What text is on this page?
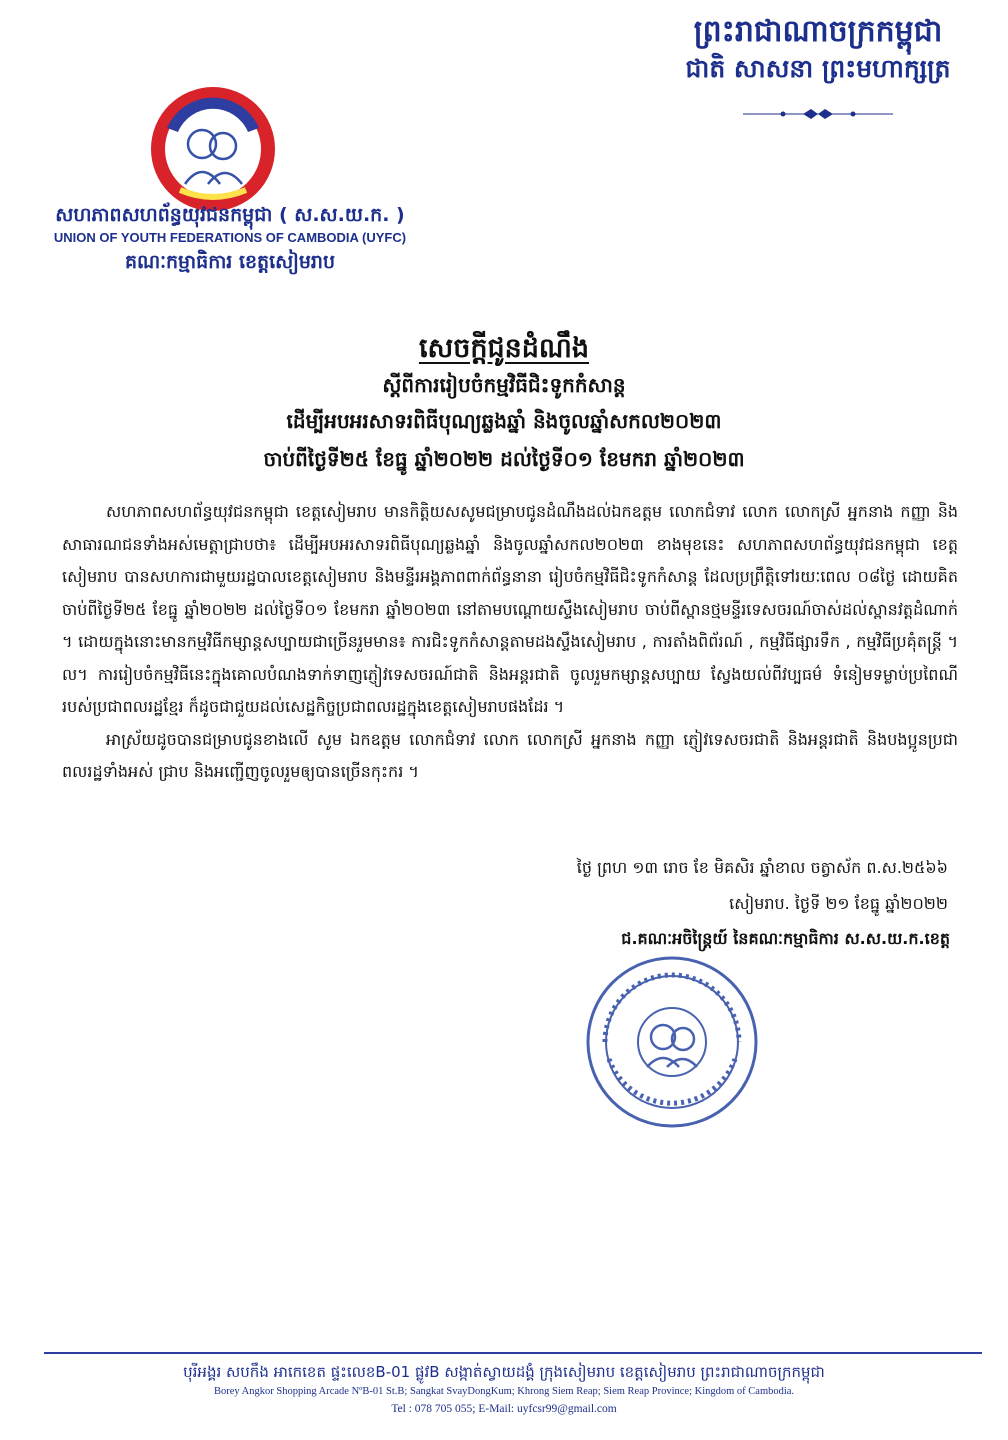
ព្រះរាជាណាចក្រកម្ពុជា
ជាតិ សាសនា ព្រះមហាក្សត្រ
សហភាពសហព័ន្ធយុវជនកម្ពុជា ( ស.ស.យ.ក. )
UNION OF YOUTH FEDERATIONS OF CAMBODIA (UYFC)
គណៈកម្មាធិការ ខេត្តសៀមរាប
សេចក្តីជូនដំណឹង
ស្តីពីការរៀបចំកម្មវិធីជិះទូកកំសាន្ត
ដើម្បីអបអរសាទរពិធីបុណ្យឆ្លងឆ្នាំ និងចូលឆ្នាំសកល២០២៣
ចាប់ពីថ្ងៃទី២៥ ខែធ្នូ ឆ្នាំ២០២២ ដល់ថ្ងៃទី០១ ខែមករា ឆ្នាំ២០២៣

សហភាពសហព័ន្ធយុវជនកម្ពុជា ខេត្តសៀមរាប មានកិត្តិយសសូមជម្រាបជូនដំណឹងដល់ឯកឧត្តម លោកជំទាវ លោក លោកស្រី អ្នកនាង កញ្ញា និងសាធារណជនទាំងអស់មេត្តាជ្រាបថា៖ ដើម្បីអបអរសាទរពិធីបុណ្យឆ្លងឆ្នាំ និងចូលឆ្នាំសកល២០២៣ ខាងមុខនេះ សហភាពសហព័ន្ធយុវជនកម្ពុជា ខេត្តសៀមរាប បានសហការជាមួយរដ្ឋបាលខេត្តសៀមរាប និងមន្ទីរអង្គភាពពាក់ព័ន្ធនានា រៀបចំកម្មវិធីជិះទូកកំសាន្ត ដែលប្រព្រឹត្តិទៅរយៈពេល ០៨ថ្ងៃ ដោយគិតចាប់ពីថ្ងៃទី២៥ ខែធ្នូ ឆ្នាំ២០២២ ដល់ថ្ងៃទី០១ ខែមករា ឆ្នាំ២០២៣ នៅតាមបណ្តោយស្ទឹងសៀមរាប ចាប់ពីស្ពានថ្មមន្ទីរទេសចរណ៍ចាស់ដល់ស្ពានវត្តដំណាក់ ។ ដោយក្នុងនោះមានកម្មវិធីកម្សាន្តសប្បាយជាច្រើនរួមមាន៖ ការជិះទូកកំសាន្តតាមដងស្ទឹងសៀមរាប , ការតាំងពិព័រណ៍ , កម្មវិធីផ្សារទឹក , កម្មវិធីប្រគុំតន្ត្រី ។ល។ ការរៀបចំកម្មវិធីនេះក្នុងគោលបំណងទាក់ទាញភ្ញៀវទេសចរណ៍ជាតិ និងអន្តរជាតិ ចូលរួមកម្សាន្តសប្បាយ ស្វែងយល់ពីវប្បធម៌ ទំនៀមទម្លាប់ប្រពៃណី របស់ប្រជាពលរដ្ឋខ្មែរ ក៏ដូចជាជួយដល់សេដ្ឋកិច្ចប្រជាពលរដ្ឋក្នុងខេត្តសៀមរាបផងដែរ ។

អាស្រ័យដូចបានជម្រាបជូនខាងលើ សូម ឯកឧត្តម លោកជំទាវ លោក លោកស្រី អ្នកនាង កញ្ញា ភ្ញៀវទេសចរជាតិ និងអន្តរជាតិ និងបងប្អូនប្រជាពលរដ្ឋទាំងអស់ ជ្រាប និងអញ្ជើញចូលរួមឲ្យបានច្រើនកុះករ ។

ថ្ងៃ ព្រហ ១៣ រោច ខែ មិគសិរ ឆ្នាំខាល ចត្វាស័ក ព.ស.២៥៦៦
សៀមរាប. ថ្ងៃទី ២១ ខែធ្នូ ឆ្នាំ២០២២
ជ.គណៈអចិន្ត្រៃយ៍ នៃគណៈកម្មាធិការ ស.ស.យ.ក.ខេត្ត
បុរីអង្គរ សបកឹង អាកេខេត ផ្ទះលេខB-01 ផ្លូវB សង្កាត់ស្វាយដង្គំ ក្រុងសៀមរាប ខេត្តសៀមរាប ព្រះរាជាណាចក្រកម្ពុជា
Borey Angkor Shopping Arcade NºB-01 St.B; Sangkat SvayDongKum; Khrong Siem Reap; Siem Reap Province; Kingdom of Cambodia.
Tel : 078 705 055; E-Mail: uyfcsr99@gmail.com
